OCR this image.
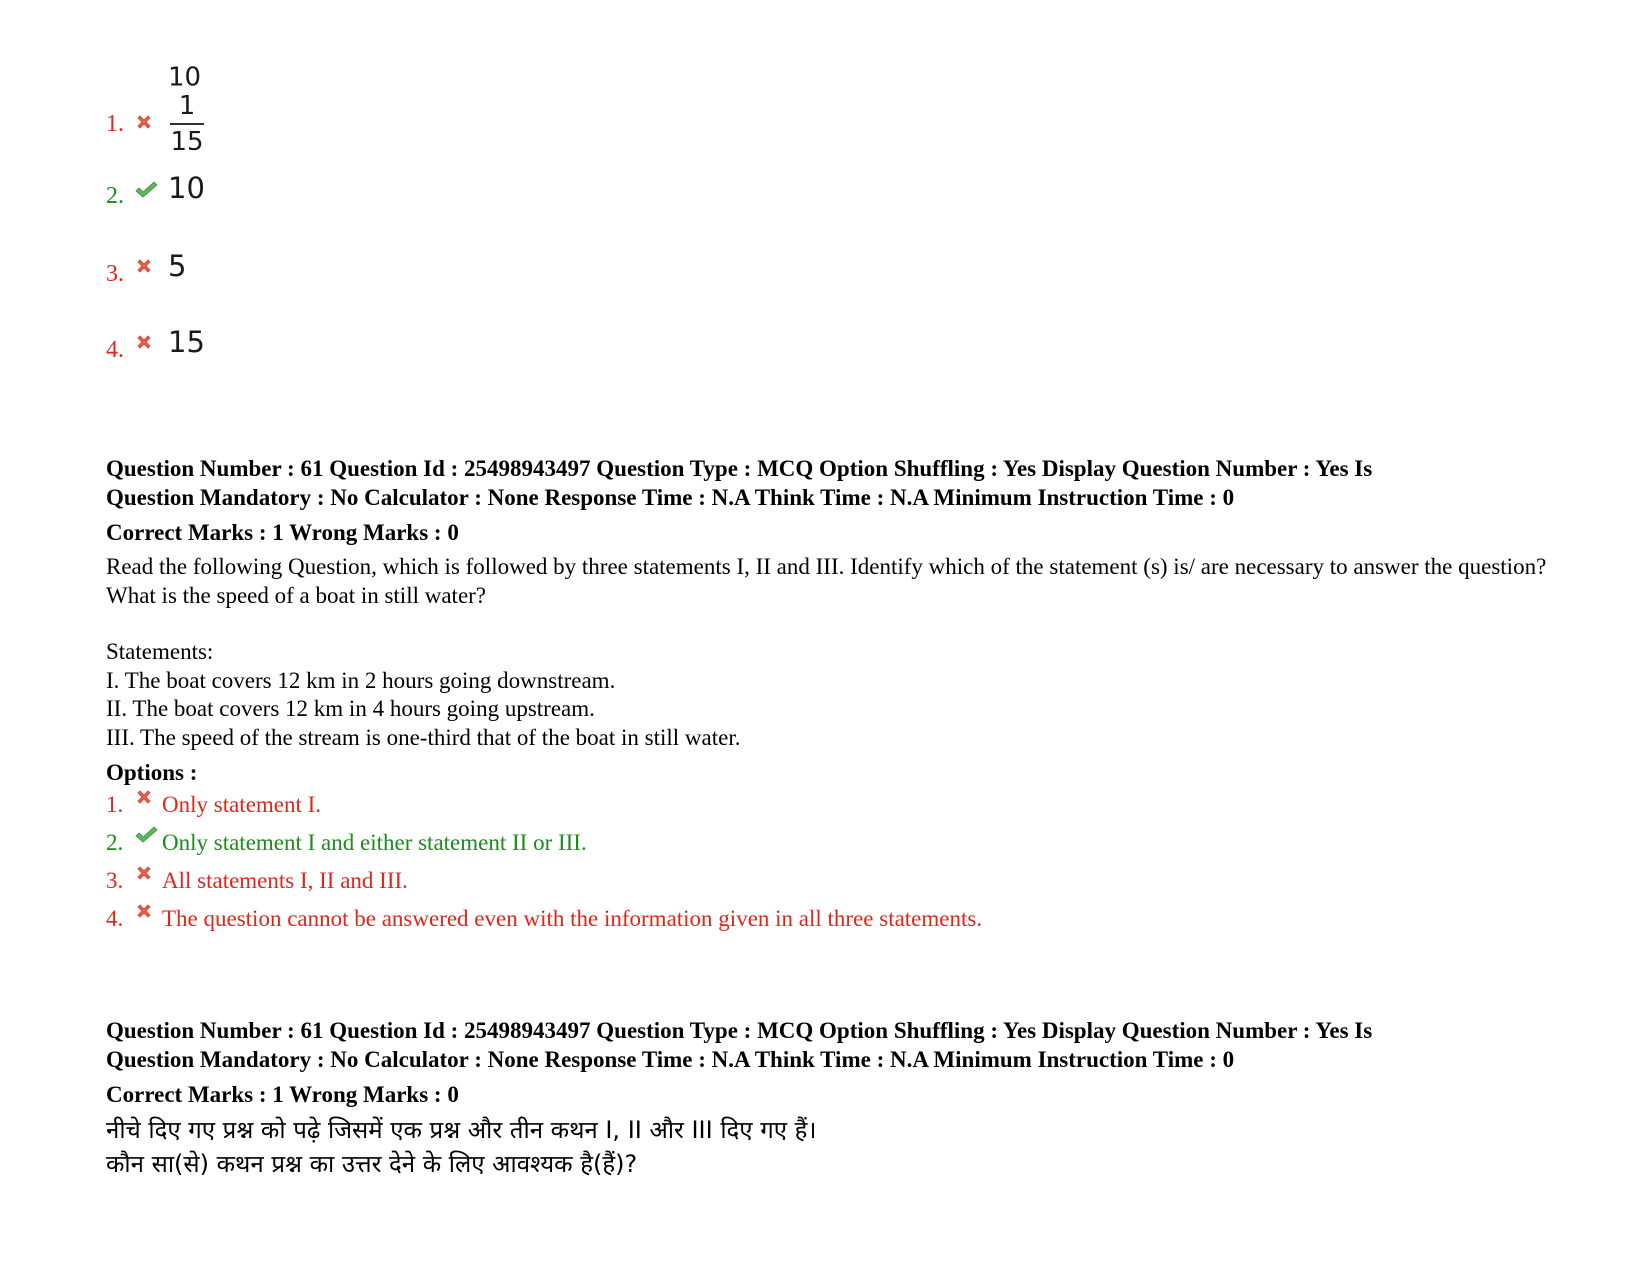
1.
10
$\frac{1}{15}$
2. 10
3. 5
4. 15
Question Number : 61 Question Id : 25498943497 Question Type : MCQ Option Shuffling : Yes Display Question Number : Yes Is
Question Mandatory : No Calculator : None Response Time : N.A Think Time : N.A Minimum Instruction Time : 0
Correct Marks : 1 Wrong Marks : 0
Read the following Question, which is followed by three statements I, II and III. Identify which of the statement (s) is/ are necessary to answer the question?
What is the speed of a boat in still water?
Statements:
I. The boat covers 12 km in 2 hours going downstream.
II. The boat covers 12 km in 4 hours going upstream.
III. The speed of the stream is one-third that of the boat in still water.
Options :
1. Only statement I.
2. Only statement I and either statement II or III.
3. All statements I, II and III.
4. The question cannot be answered even with the information given in all three statements.
Question Number : 61 Question Id : 25498943497 Question Type : MCQ Option Shuffling : Yes Display Question Number : Yes Is
Question Mandatory : No Calculator : None Response Time : N.A Think Time : N.A Minimum Instruction Time : 0
Correct Marks : 1 Wrong Marks : 0
नीचे दिए गए प्रश्न को पढ़े जिसमें एक प्रश्न और तीन कथन I, II और III दिए गए हैं।
कौन सा(से) कथन प्रश्न का उत्तर देने के लिए आवश्यक है(हैं)?
